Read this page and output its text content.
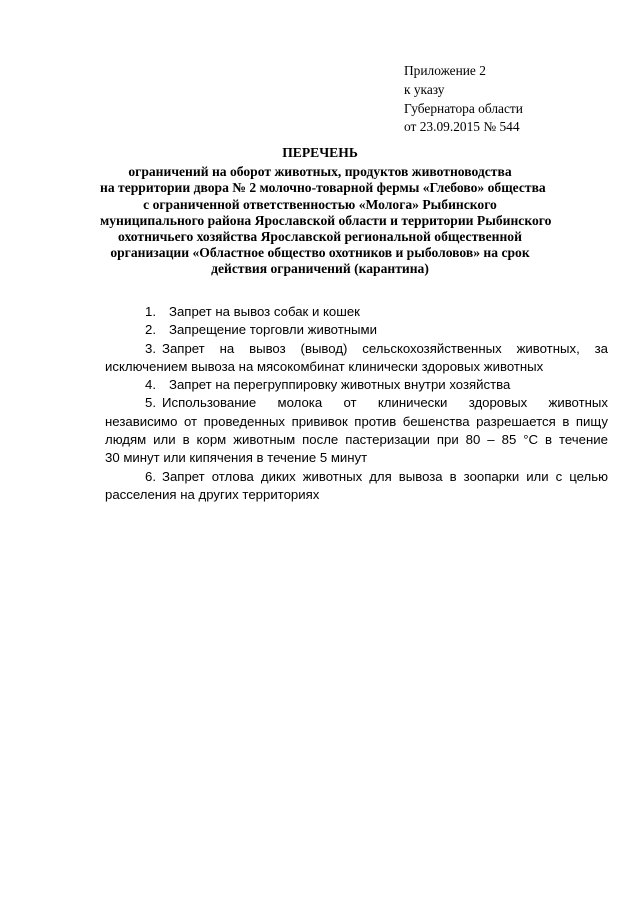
Приложение 2
к указу
Губернатора области
от 23.09.2015 № 544
ПЕРЕЧЕНЬ
ограничений на оборот животных, продуктов животноводства
на территории двора № 2 молочно-товарной фермы «Глебово» общества
с ограниченной ответственностью «Молога» Рыбинского
муниципального района Ярославской области и территории Рыбинского
охотничьего хозяйства Ярославской региональной общественной
организации «Областное общество охотников и рыболовов» на срок
действия ограничений (карантина)
1. Запрет на вывоз собак и кошек
2. Запрещение торговли животными
3. Запрет на вывоз (вывод) сельскохозяйственных животных, за
исключением вывоза на мясокомбинат клинически здоровых животных
4. Запрет на перегруппировку животных внутри хозяйства
5. Использование молока от клинически здоровых животных
независимо от проведенных прививок против бешенства разрешается в пищу
людям или в корм животным после пастеризации при 80 – 85 °С в течение
30 минут или кипячения в течение 5 минут
6. Запрет отлова диких животных для вывоза в зоопарки или с целью
расселения на других территориях
